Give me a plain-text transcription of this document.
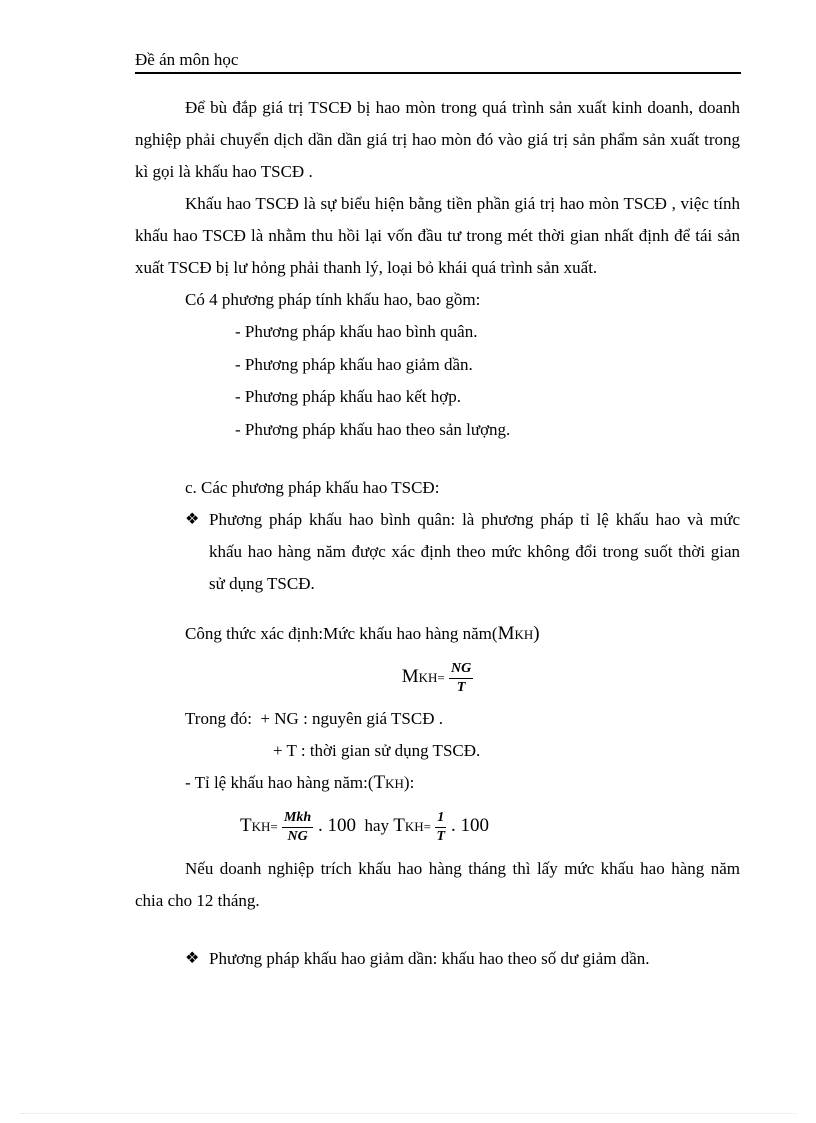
Đề án môn học

Để bù đắp giá trị TSCĐ bị hao mòn trong quá trình sản xuất kinh doanh, doanh nghiệp phải chuyển dịch dần dần giá trị hao mòn đó vào giá trị sản phẩm sản xuất trong kì gọi là khấu hao TSCĐ .

Khấu hao TSCĐ là sự biểu hiện bằng tiền phần giá trị hao mòn TSCĐ , việc tính khấu hao TSCĐ là nhằm thu hồi lại vốn đầu tư trong mét thời gian nhất định để tái sản xuất TSCĐ bị lư hỏng phải thanh lý, loại bỏ khái quá trình sản xuất.

Có 4 phương pháp tính khấu hao, bao gồm:

- Phương pháp khấu hao bình quân.
- Phương pháp khấu hao giảm dần.
- Phương pháp khấu hao kết hợp.
- Phương pháp khấu hao theo sản lượng.

c. Các phương pháp khấu hao TSCĐ:

❖ Phương pháp khấu hao bình quân: là phương pháp tỉ lệ khấu hao và mức khấu hao hàng năm được xác định theo mức không đổi trong suốt thời gian sử dụng TSCĐ.

Công thức xác định:Mức khấu hao hàng năm(MKH)

$MKH= \frac{NG}{T}$

Trong đó: + NG : nguyên giá TSCĐ .

+ T : thời gian sử dụng TSCĐ.

- Tỉ lệ khấu hao hàng năm:(TKH):

$TKH= \frac{\text{Mkh}}{NG}$ . 100 hay $TKH= \frac{1}{T}$ . 100

Nếu doanh nghiệp trích khấu hao hàng tháng thì lấy mức khấu hao hàng năm chia cho 12 tháng.

❖ Phương pháp khấu hao giảm dần: khấu hao theo số dư giảm dần.
